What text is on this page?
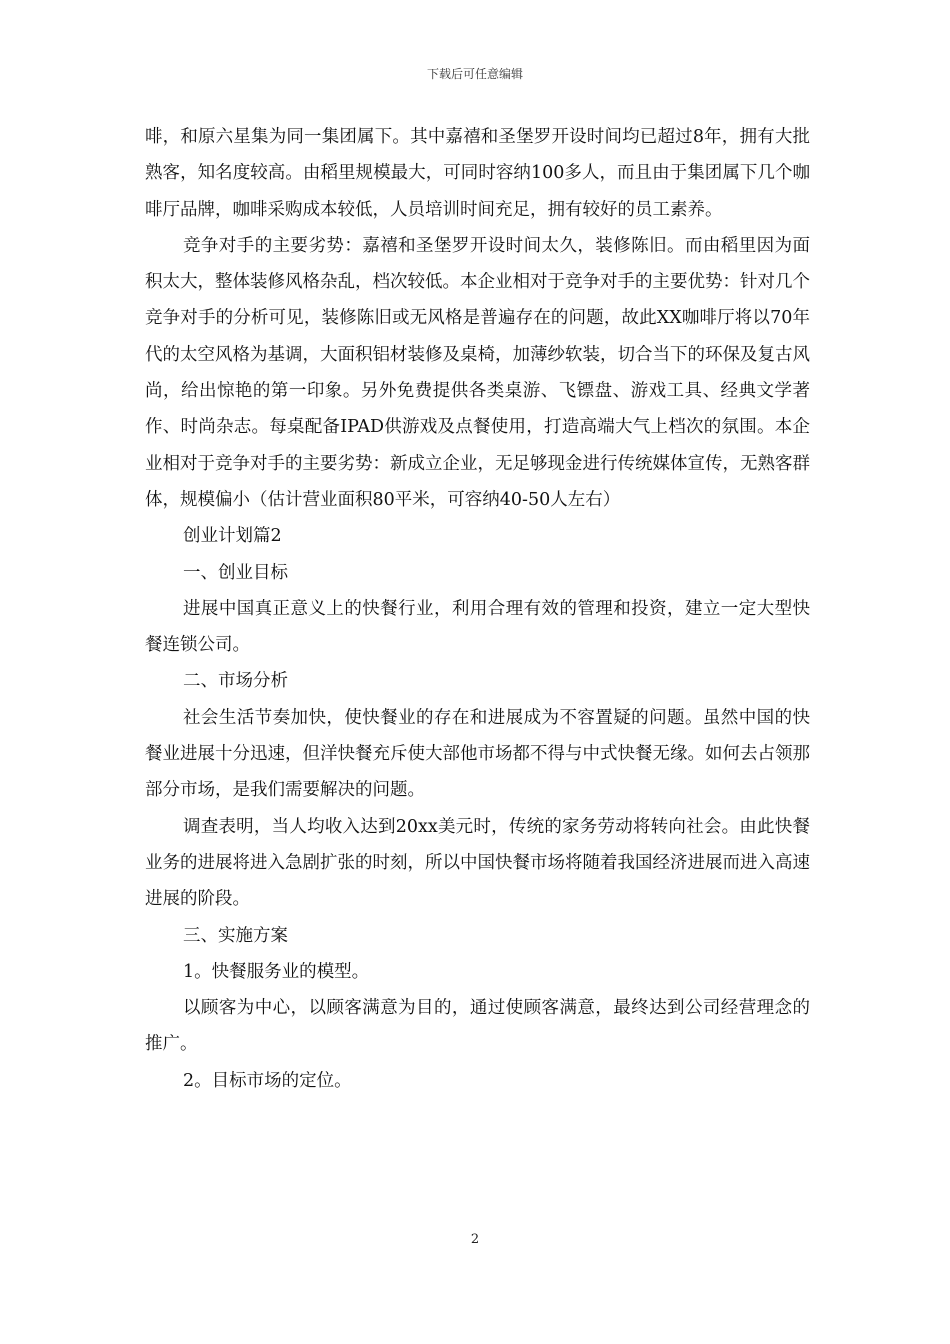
下载后可任意编辑

啡，和原六星集为同一集团属下。其中嘉禧和圣堡罗开设时间均已超过8年，拥有大批熟客，知名度较高。由稻里规模最大，可同时容纳100多人，而且由于集团属下几个咖啡厅品牌，咖啡采购成本较低，人员培训时间充足，拥有较好的员工素养。

竞争对手的主要劣势：嘉禧和圣堡罗开设时间太久，装修陈旧。而由稻里因为面积太大，整体装修风格杂乱，档次较低。本企业相对于竞争对手的主要优势：针对几个竞争对手的分析可见，装修陈旧或无风格是普遍存在的问题，故此XX咖啡厅将以70年代的太空风格为基调，大面积铝材装修及桌椅，加薄纱软装，切合当下的环保及复古风尚，给出惊艳的第一印象。另外免费提供各类桌游、飞镖盘、游戏工具、经典文学著作、时尚杂志。每桌配备IPAD供游戏及点餐使用，打造高端大气上档次的氛围。本企业相对于竞争对手的主要劣势：新成立企业，无足够现金进行传统媒体宣传，无熟客群体，规模偏小（估计营业面积80平米，可容纳40-50人左右）

创业计划篇2

一、创业目标

进展中国真正意义上的快餐行业，利用合理有效的管理和投资，建立一定大型快餐连锁公司。

二、市场分析

社会生活节奏加快，使快餐业的存在和进展成为不容置疑的问题。虽然中国的快餐业进展十分迅速，但洋快餐充斥使大部他市场都不得与中式快餐无缘。如何去占领那部分市场，是我们需要解决的问题。

调查表明，当人均收入达到20xx美元时，传统的家务劳动将转向社会。由此快餐业务的进展将进入急剧扩张的时刻，所以中国快餐市场将随着我国经济进展而进入高速进展的阶段。

三、实施方案

1。快餐服务业的模型。

以顾客为中心，以顾客满意为目的，通过使顾客满意，最终达到公司经营理念的推广。

2。目标市场的定位。

2
